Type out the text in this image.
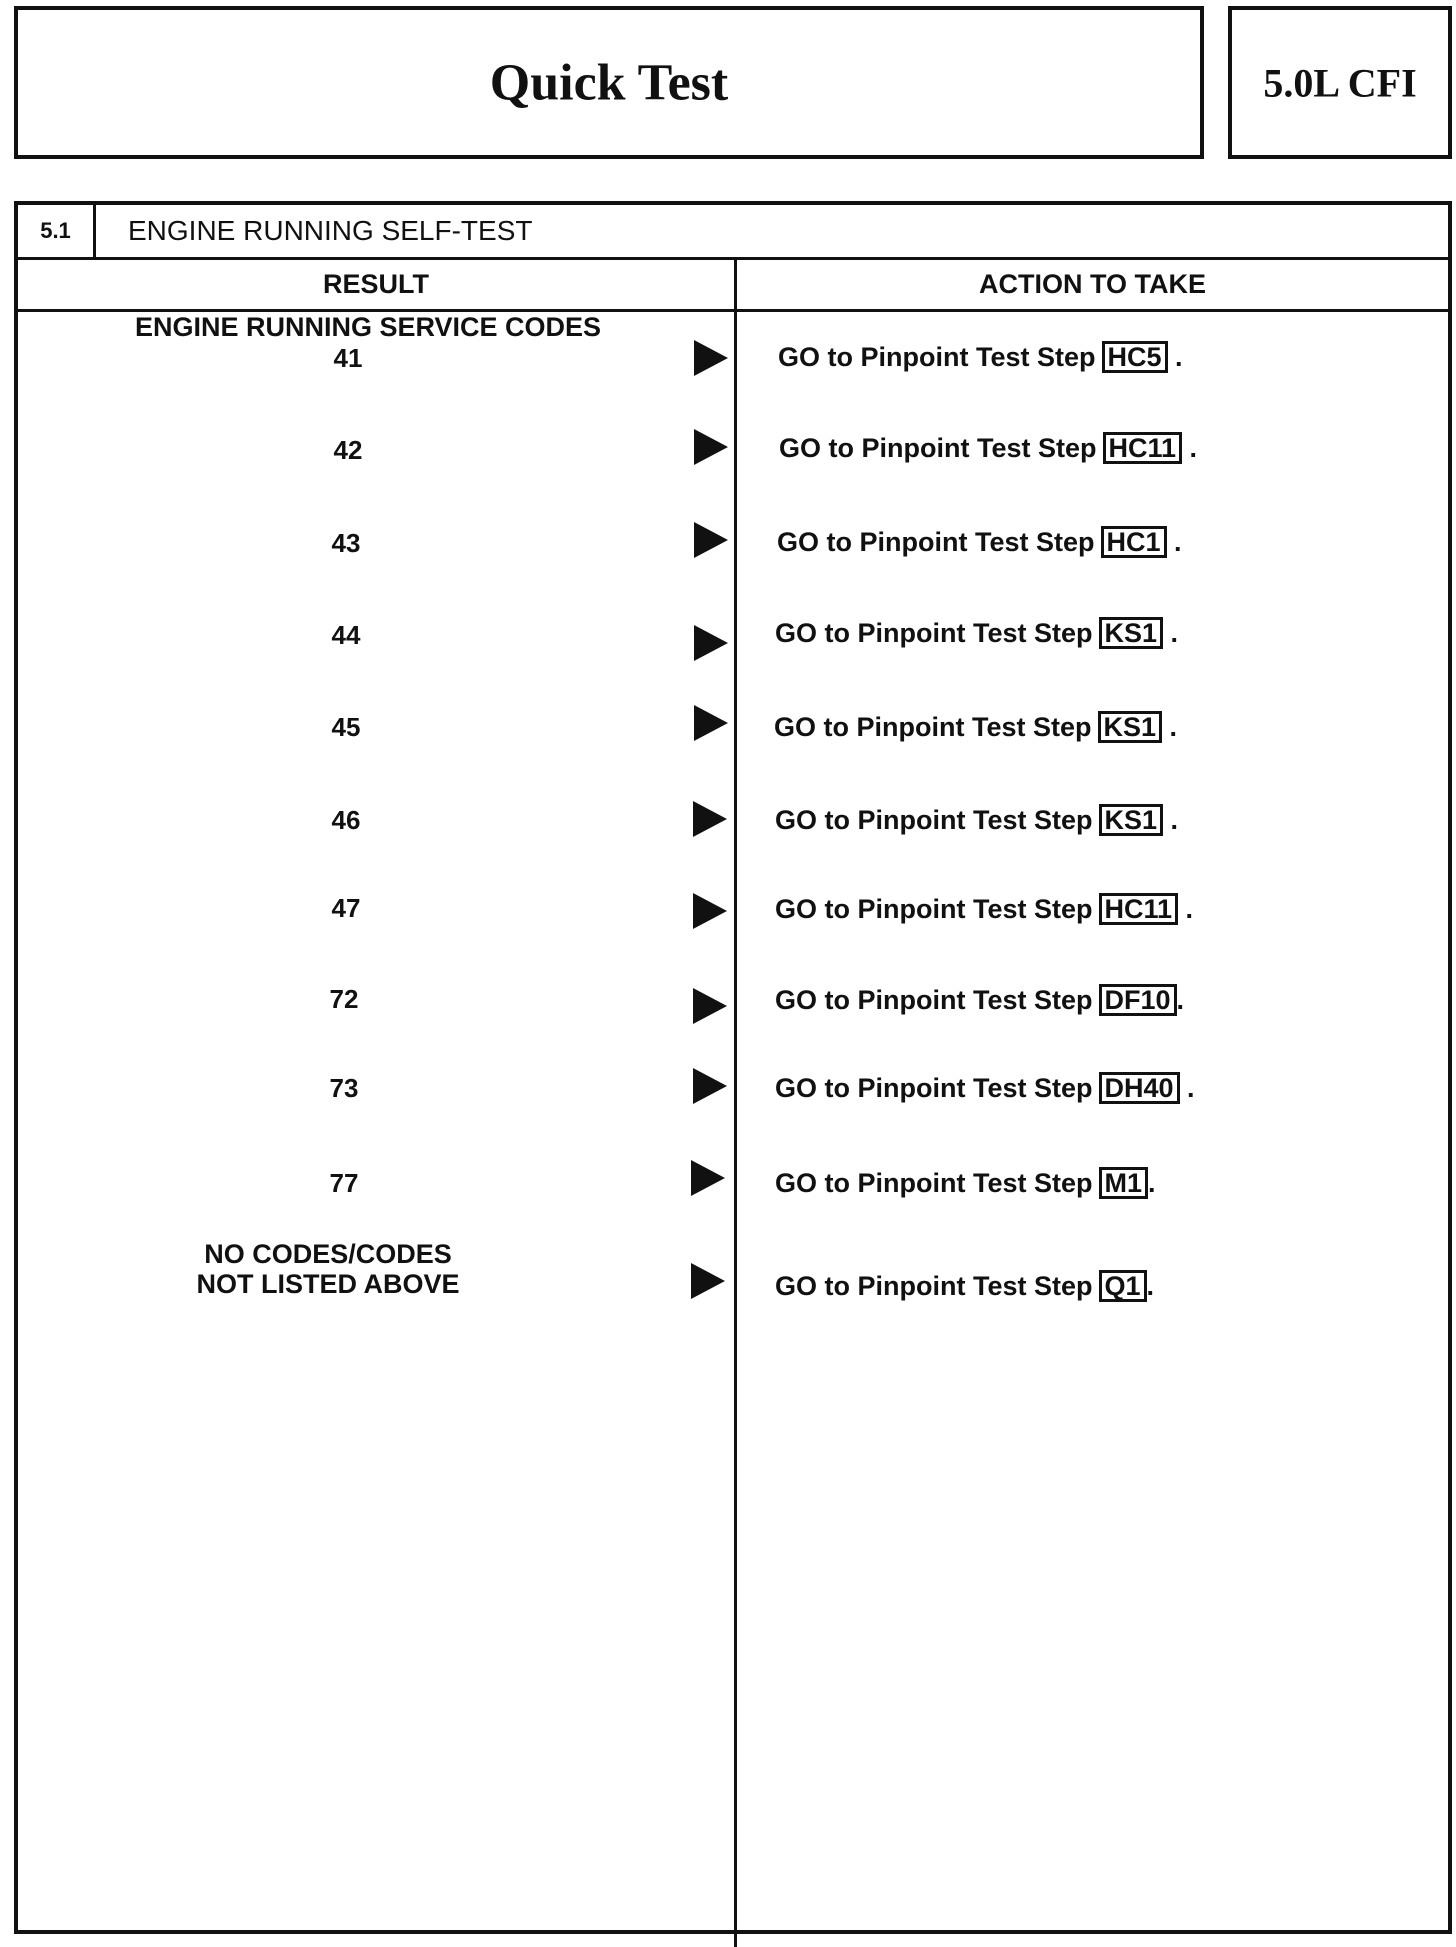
Quick Test	5.0L CFI
5.1	ENGINE RUNNING SELF-TEST
RESULT	ACTION TO TAKE
ENGINE RUNNING SERVICE CODES
41	GO to Pinpoint Test Step HC5 .
42	GO to Pinpoint Test Step HC11 .
43	GO to Pinpoint Test Step HC1 .
44	GO to Pinpoint Test Step KS1 .
45	GO to Pinpoint Test Step KS1 .
46	GO to Pinpoint Test Step KS1 .
47	GO to Pinpoint Test Step HC11 .
72	GO to Pinpoint Test Step DF10 .
73	GO to Pinpoint Test Step DH40 .
77	GO to Pinpoint Test Step M1 .
NO CODES/CODES
NOT LISTED ABOVE	GO to Pinpoint Test Step Q1 .
